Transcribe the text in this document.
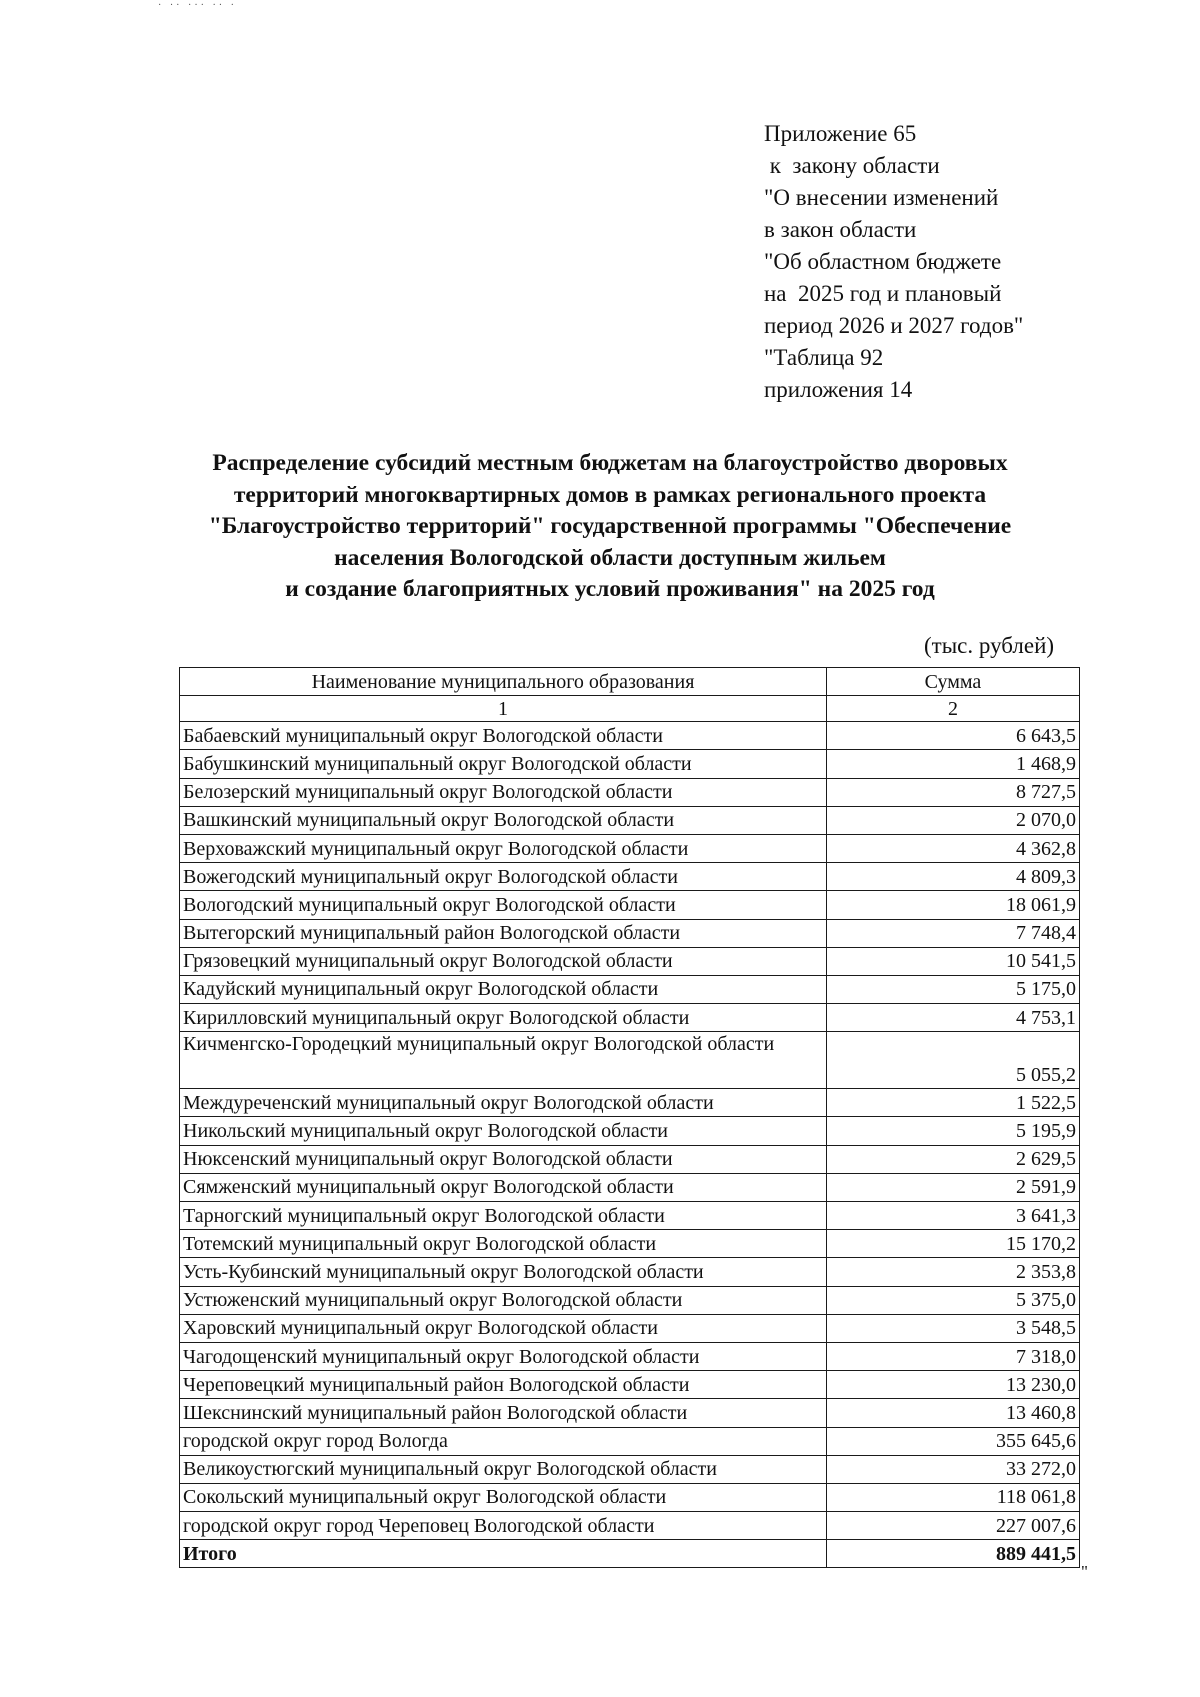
· ·· ··· ·· ·
Приложение 65
к  закону области
"О внесении изменений
в закон области
"Об областном бюджете
на  2025 год и плановый
период 2026 и 2027 годов"
"Таблица 92
приложения 14
Распределение субсидий местным бюджетам на благоустройство дворовых
территорий многоквартирных домов в рамках регионального проекта
"Благоустройство территорий" государственной программы "Обеспечение
населения Вологодской области доступным жильем
и создание благоприятных условий проживания" на 2025 год
(тыс. рублей)
Наименование муниципального образования	Сумма
1	2
Бабаевский муниципальный округ Вологодской области	6 643,5
Бабушкинский муниципальный округ Вологодской области	1 468,9
Белозерский муниципальный округ Вологодской области	8 727,5
Вашкинский муниципальный округ Вологодской области	2 070,0
Верховажский муниципальный округ Вологодской области	4 362,8
Вожегодский муниципальный округ Вологодской области	4 809,3
Вологодский муниципальный округ Вологодской области	18 061,9
Вытегорский муниципальный район Вологодской области	7 748,4
Грязовецкий муниципальный округ Вологодской области	10 541,5
Кадуйский муниципальный округ Вологодской области	5 175,0
Кирилловский муниципальный округ Вологодской области	4 753,1
Кичменгско-Городецкий муниципальный округ Вологодской области	5 055,2
Междуреченский муниципальный округ Вологодской области	1 522,5
Никольский муниципальный округ Вологодской области	5 195,9
Нюксенский муниципальный округ Вологодской области	2 629,5
Сямженский муниципальный округ Вологодской области	2 591,9
Тарногский муниципальный округ Вологодской области	3 641,3
Тотемский муниципальный округ Вологодской области	15 170,2
Усть-Кубинский муниципальный округ Вологодской области	2 353,8
Устюженский муниципальный округ Вологодской области	5 375,0
Харовский муниципальный округ Вологодской области	3 548,5
Чагодощенский муниципальный округ Вологодской области	7 318,0
Череповецкий муниципальный район Вологодской области	13 230,0
Шекснинский муниципальный район Вологодской области	13 460,8
городской округ город Вологда	355 645,6
Великоустюгский муниципальный округ Вологодской области	33 272,0
Сокольский муниципальный округ Вологодской области	118 061,8
городской округ город Череповец Вологодской области	227 007,6
Итого	889 441,5
"
